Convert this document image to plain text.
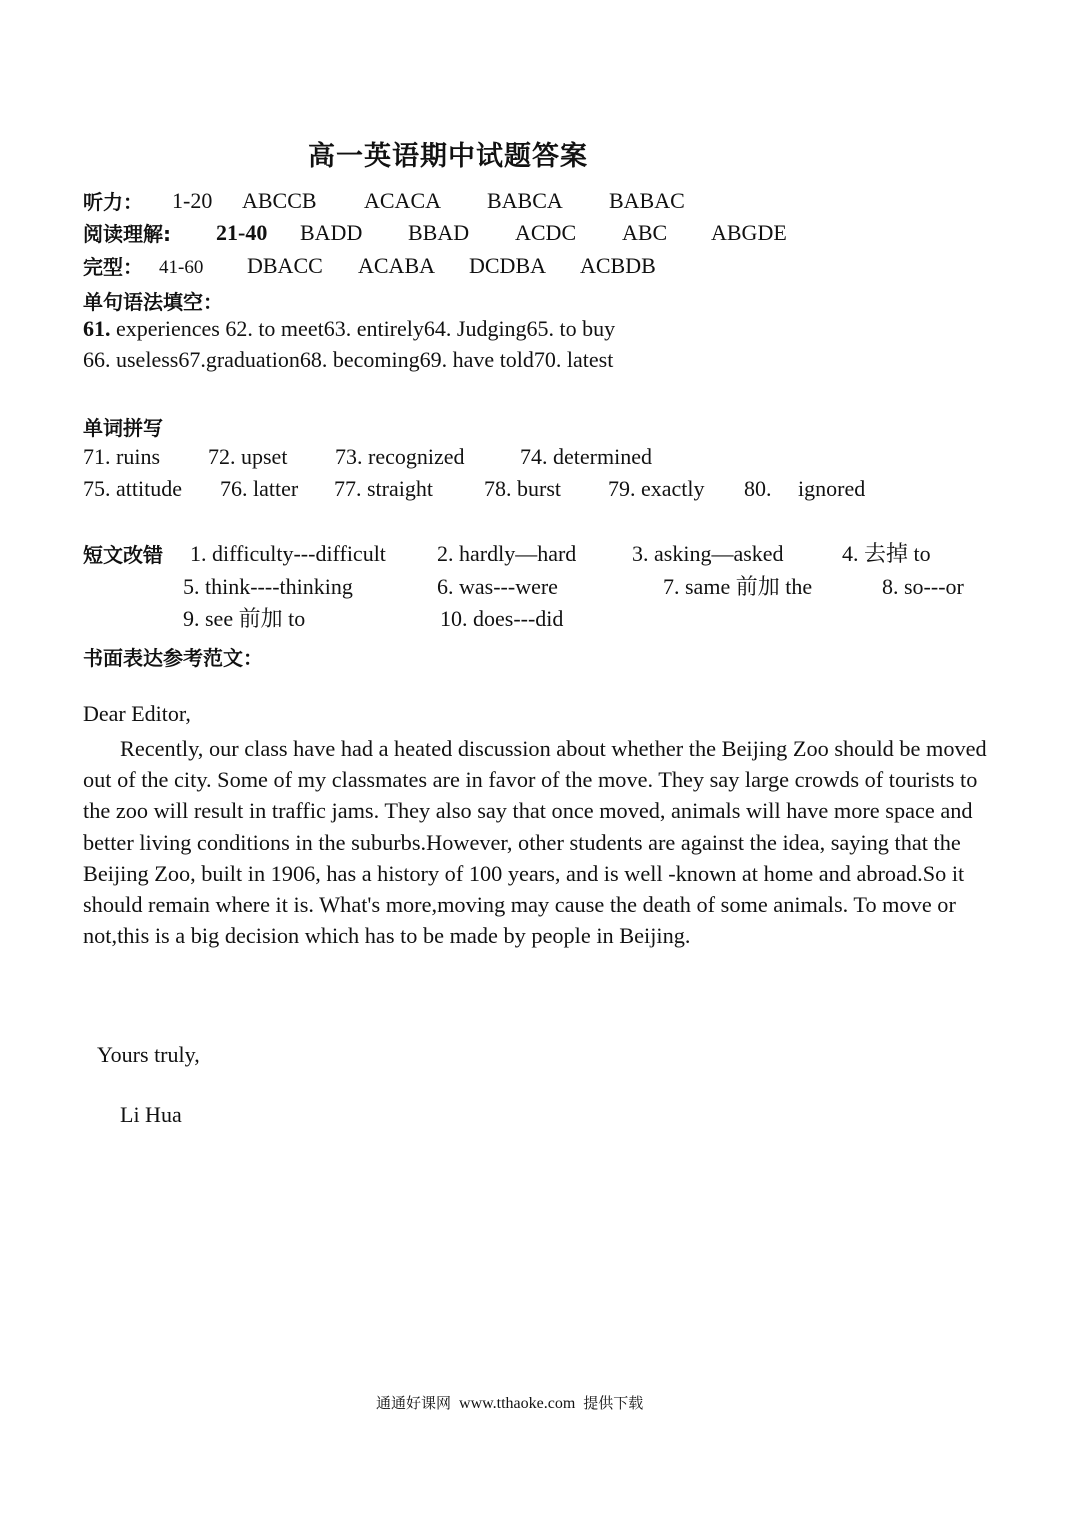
高一英语期中试题答案
听力： 1-20 ABCCB ACACA BABCA BABAC
阅读理解: 21-40 BADD BBAD ACDC ABC ABGDE
完型： 41-60 DBACC ACABA DCDBA ACBDB
单句语法填空：
61. experiences 62. to meet63. entirely64. Judging65. to buy
66. useless67.graduation68. becoming69. have told70. latest
单词拼写
71. ruins 72. upset 73. recognized	74. determined
75. attitude 76. latter 77. straight 78. burst 79. exactly 80. ignored
短文改错 1. difficulty---difficult 2. hardly—hard	3. asking—asked	4. 去掉 to
5. think----thinking	6. was---were	7. same 前加 the	8. so---or
9. see 前加 to	10. does---did
书面表达参考范文：
Dear Editor,
Recently, our class have had a heated discussion about whether the Beijing Zoo should be moved out of the city. Some of my classmates are in favor of the move. They say large crowds of tourists to the zoo will result in traffic jams. They also say that once moved, animals will have more space and better living conditions in the suburbs.However, other students are against the idea, saying that the Beijing Zoo, built in 1906, has a history of 100 years, and is well -known at home and abroad.So it should remain where it is. What's more,moving may cause the death of some animals. To move or not,this is a big decision which has to be made by people in Beijing.
Yours truly,
Li Hua
通通好课网 www.tthaoke.com 提供下载
